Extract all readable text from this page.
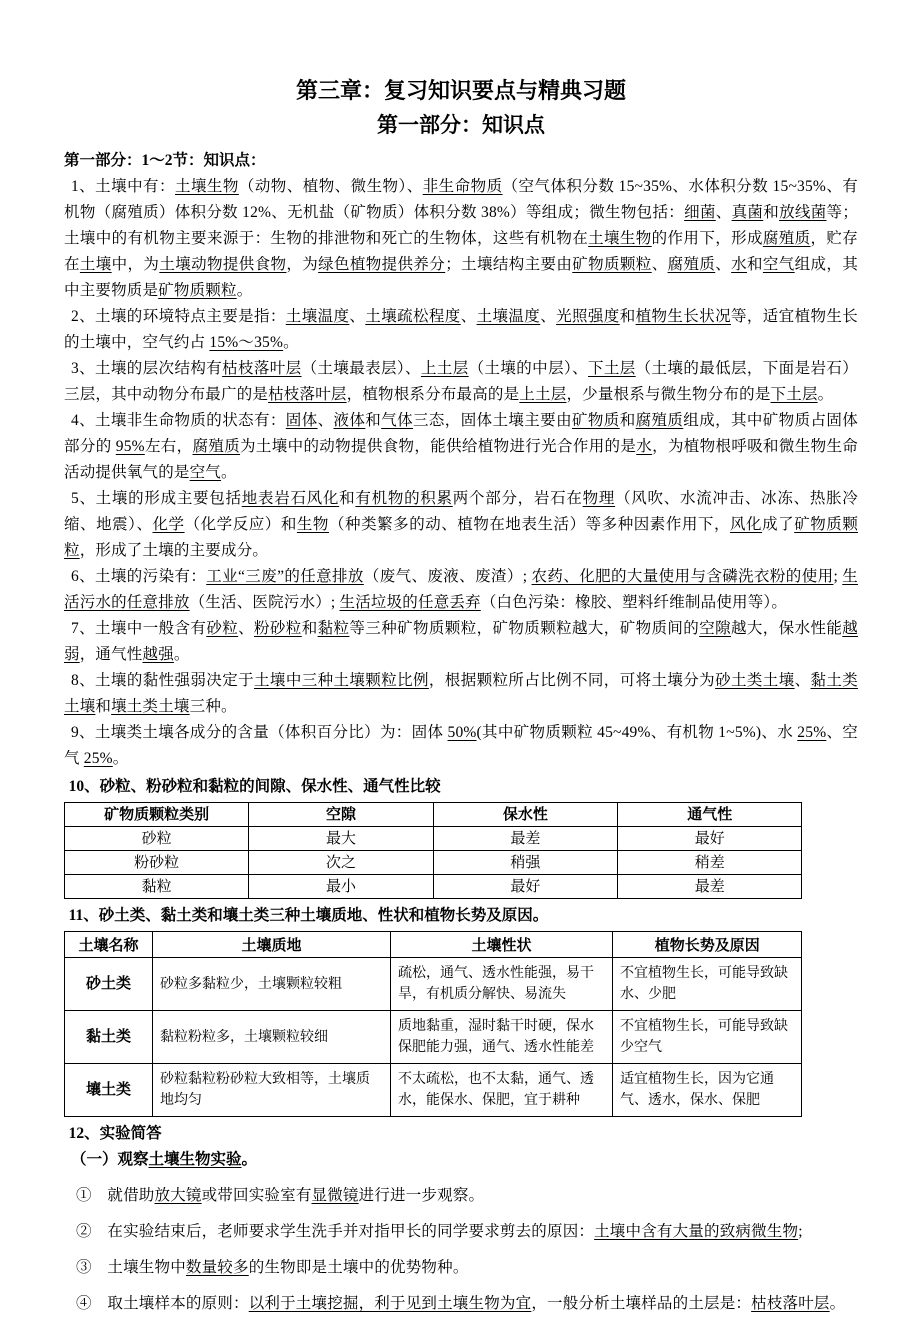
第三章：复习知识要点与精典习题
第一部分：知识点
第一部分：1～2节：知识点：

1、土壤中有：土壤生物（动物、植物、微生物）、非生命物质（空气体积分数 15~35%、水体积分数 15~35%、有机物（腐殖质）体积分数 12%、无机盐（矿物质）体积分数 38%）等组成；微生物包括：细菌、真菌和放线菌等；土壤中的有机物主要来源于：生物的排泄物和死亡的生物体，这些有机物在土壤生物的作用下，形成腐殖质，贮存在土壤中，为土壤动物提供食物，为绿色植物提供养分；土壤结构主要由矿物质颗粒、腐殖质、水和空气组成，其中主要物质是矿物质颗粒。

2、土壤的环境特点主要是指：土壤温度、土壤疏松程度、土壤温度、光照强度和植物生长状况等，适宜植物生长的土壤中，空气约占 15%～35%。

3、土壤的层次结构有枯枝落叶层（土壤最表层）、上土层（土壤的中层）、下土层（土壤的最低层，下面是岩石）三层，其中动物分布最广的是枯枝落叶层，植物根系分布最高的是上土层，少量根系与微生物分布的是下土层。

4、土壤非生命物质的状态有：固体、液体和气体三态，固体土壤主要由矿物质和腐殖质组成，其中矿物质占固体部分的 95%左右，腐殖质为土壤中的动物提供食物，能供给植物进行光合作用的是水，为植物根呼吸和微生物生命活动提供氧气的是空气。

5、土壤的形成主要包括地表岩石风化和有机物的积累两个部分，岩石在物理（风吹、水流冲击、冰冻、热胀冷缩、地震）、化学（化学反应）和生物（种类繁多的动、植物在地表生活）等多种因素作用下，风化成了矿物质颗粒，形成了土壤的主要成分。

6、土壤的污染有：工业“三废”的任意排放（废气、废液、废渣）; 农药、化肥的大量使用与含磷洗衣粉的使用; 生活污水的任意排放（生活、医院污水）; 生活垃圾的任意丢弃（白色污染：橡胶、塑料纤维制品使用等）。

7、土壤中一般含有砂粒、粉砂粒和黏粒等三种矿物质颗粒，矿物质颗粒越大，矿物质间的空隙越大，保水性能越弱，通气性越强。

8、土壤的黏性强弱决定于土壤中三种土壤颗粒比例，根据颗粒所占比例不同，可将土壤分为砂土类土壤、黏土类土壤和壤土类土壤三种。

9、土壤类土壤各成分的含量（体积百分比）为：固体 50%(其中矿物质颗粒 45~49%、有机物 1~5%)、水 25%、空气 25%。

10、砂粒、粉砂粒和黏粒的间隙、保水性、通气性比较
矿物质颗粒类别	空隙	保水性	通气性
砂粒	最大	最差	最好
粉砂粒	次之	稍强	稍差
黏粒	最小	最好	最差
11、砂土类、黏土类和壤土类三种土壤质地、性状和植物长势及原因。
土壤名称	土壤质地	土壤性状	植物长势及原因
砂土类	砂粒多黏粒少，土壤颗粒较粗	疏松，通气、透水性能强，易干旱，有机质分解快、易流失	不宜植物生长，可能导致缺水、少肥
黏土类	黏粒粉粒多，土壤颗粒较细	质地黏重，湿时黏干时硬，保水保肥能力强，通气、透水性能差	不宜植物生长，可能导致缺少空气
壤土类	砂粒黏粒粉砂粒大致相等，土壤质地均匀	不太疏松，也不太黏，通气、透水，能保水、保肥，宜于耕种	适宜植物生长，因为它通气、透水，保水、保肥
12、实验简答
（一）观察土壤生物实验。

①　就借助放大镜或带回实验室有显微镜进行进一步观察。

②　在实验结束后，老师要求学生洗手并对指甲长的同学要求剪去的原因：土壤中含有大量的致病微生物;

③　土壤生物中数量较多的生物即是土壤中的优势物种。

④　取土壤样本的原则：以利于土壤挖掘，利于见到土壤生物为宜，一般分析土壤样品的土层是：枯枝落叶层。
